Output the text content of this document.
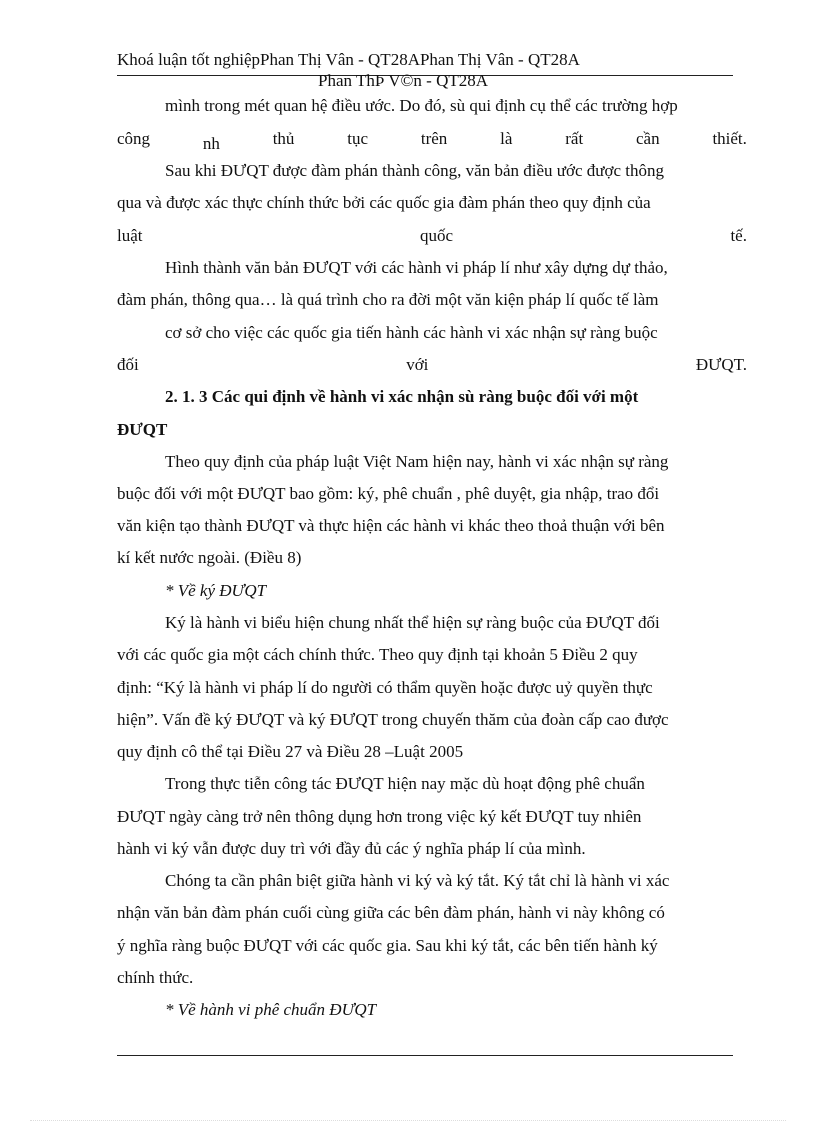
Khoá luận tốt nghiệpPhan Thị Vân - QT28APhan Thị Vân - QT28A
Phan ThÞ V©n - QT28A
mình trong mét quan hệ điều ước. Do đó, sù qui định cụ thể các trường hợp
công	nh	thủ	tục	trên	là	rất	cần	thiết.
Sau khi ĐƯQT được đàm phán thành công, văn bản điều ước được thông
qua và được xác thực chính thức bởi các quốc gia đàm phán theo quy định của
luật	quốc	tế.
Hình thành văn bản ĐƯQT với các hành vi pháp lí như xây dựng dự thảo,
đàm phán, thông qua… là quá trình cho ra đời một văn kiện pháp lí quốc tế làm
cơ sở cho việc các quốc gia tiến hành các hành vi xác nhận sự ràng buộc
đối	với	ĐƯQT.
2. 1. 3 Các qui định về hành vi xác nhận sù ràng buộc đối với một
ĐƯQT
Theo quy định của pháp luật Việt Nam hiện nay, hành vi xác nhận sự ràng
buộc đối với một ĐƯQT bao gồm: ký, phê chuẩn , phê duyệt, gia nhập, trao đổi
văn kiện tạo thành ĐƯQT và thực hiện các hành vi khác theo thoả thuận với bên
kí kết nước ngoài. (Điều 8)
* Về ký ĐƯQT
Ký là hành vi biểu hiện chung nhất thể hiện sự ràng buộc của ĐƯQT đối
với các quốc gia một cách chính thức. Theo quy định tại khoản 5 Điều 2 quy
định: “Ký là hành vi pháp lí do người có thẩm quyền hoặc được uỷ quyền thực
hiện”. Vấn đề ký ĐƯQT và ký ĐƯQT trong chuyến thăm của đoàn cấp cao được
quy định cô thể tại Điều 27 và Điều 28 –Luật 2005
Trong thực tiễn công tác ĐƯQT hiện nay mặc dù hoạt động phê chuẩn
ĐƯQT ngày càng trở nên thông dụng hơn trong việc ký kết ĐƯQT tuy nhiên
hành vi ký vẫn được duy trì với đầy đủ các ý nghĩa pháp lí của mình.
Chóng ta cần phân biệt giữa hành vi ký và ký tắt. Ký tắt chỉ là hành vi xác
nhận văn bản đàm phán cuối cùng giữa các bên đàm phán, hành vi này không có
ý nghĩa ràng buộc ĐƯQT với các quốc gia. Sau khi ký tắt, các bên tiến hành ký
chính thức.
* Về hành vi phê chuẩn ĐƯQT
